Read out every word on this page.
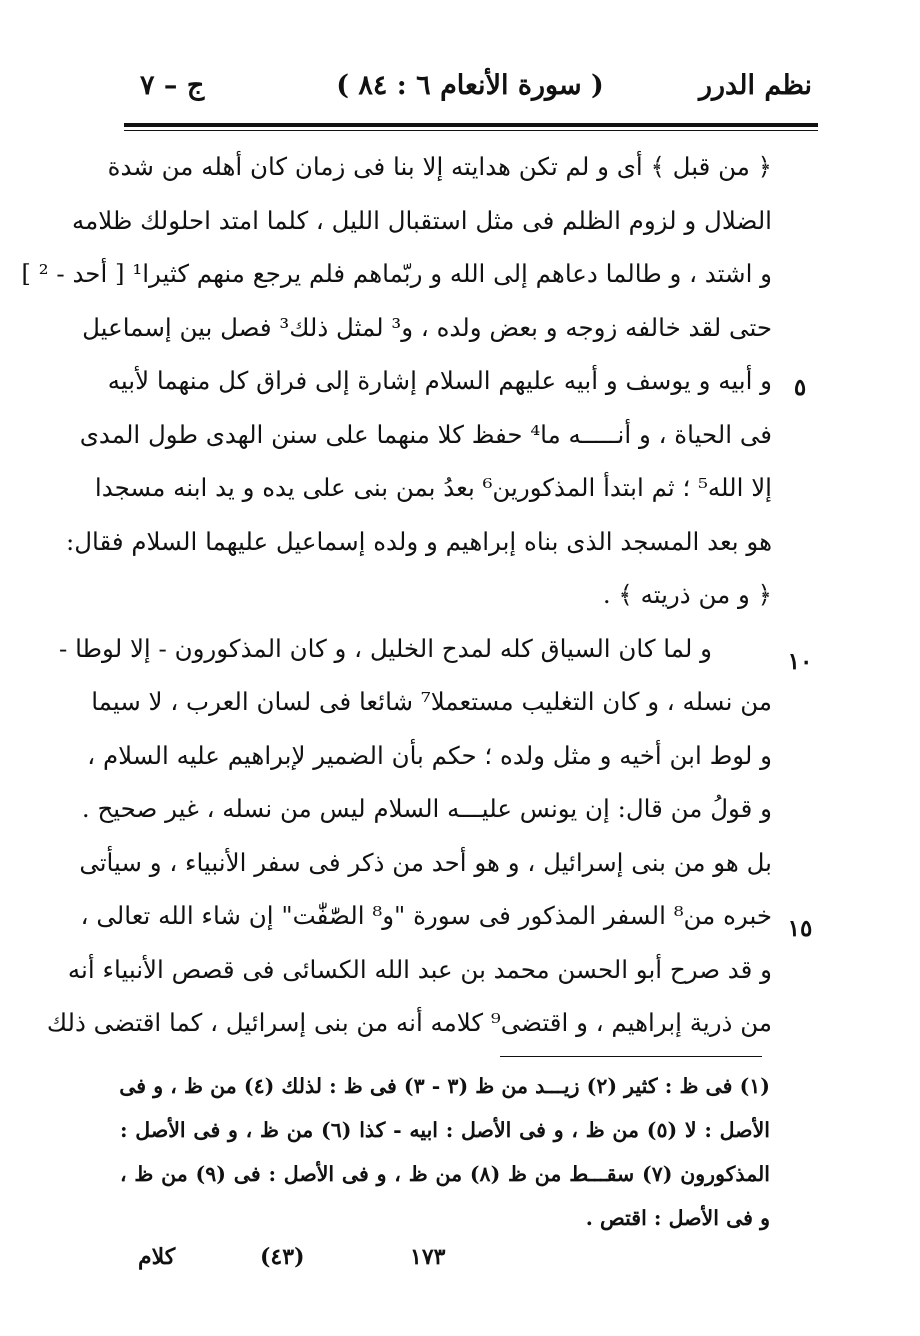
نظم الدرر
( سورة الأنعام ٦ : ٨٤ )
ج – ٧
﴿ من قبل ﴾ أى و لم تكن هدايته إلا بنا فى زمان كان أهله من شدة
الضلال و لزوم الظلم فى مثل استقبال الليل ، كلما امتد احلولك ظلامه
و اشتد ، و طالما دعاهم إلى الله و ربّماهم فلم يرجع منهم كثيرا¹ [ أحد - ² ]
حتى لقد خالفه زوجه و بعض ولده ، و³ لمثل ذلك³ فصل بين إسماعيل
و أبيه و يوسف و أبيه عليهم السلام إشارة إلى فراق كل منهما لأبيه
فى الحياة ، و أنـــــه ما⁴ حفظ كلا منهما على سنن الهدى طول المدى
إلا الله⁵ ؛ ثم ابتدأ المذكورين⁶ بعدُ بمن بنى على يده و يد ابنه مسجدا
هو بعد المسجد الذى بناه إبراهيم و ولده إسماعيل عليهما السلام فقال:
﴿ و من ذريته ﴾ .
و لما كان السياق كله لمدح الخليل ، و كان المذكورون - إلا لوطا -
من نسله ، و كان التغليب مستعملا⁷ شائعا فى لسان العرب ، لا سيما
و لوط ابن أخيه و مثل ولده ؛ حكم بأن الضمير لإبراهيم عليه السلام ،
و قولُ من قال: إن يونس عليـــه السلام ليس من نسله ، غير صحيح .
بل هو من بنى إسرائيل ، و هو أحد من ذكر فى سفر الأنبياء ، و سيأتى
خبره من⁸ السفر المذكور فى سورة "و⁸ الصّٰفّٰت" إن شاء الله تعالى ،
و قد صرح أبو الحسن محمد بن عبد الله الكسائى فى قصص الأنبياء أنه
من ذرية إبراهيم ، و اقتضى⁹ كلامه أنه من بنى إسرائيل ، كما اقتضى ذلك
٥
١٠
١٥
(١) فى ظ : كثير (٢) زيـــد من ظ (٣ - ٣) فى ظ : لذلك (٤) من ظ ، و فى
الأصل : لا (٥) من ظ ، و فى الأصل : ابيه - كذا (٦) من ظ ، و فى الأصل :
المذكورون (٧) سقـــط من ظ (٨) من ظ ، و فى الأصل : فى (٩) من ظ ،
و فى الأصل : اقتص .
كلام	(٤٣)	١٧٣
